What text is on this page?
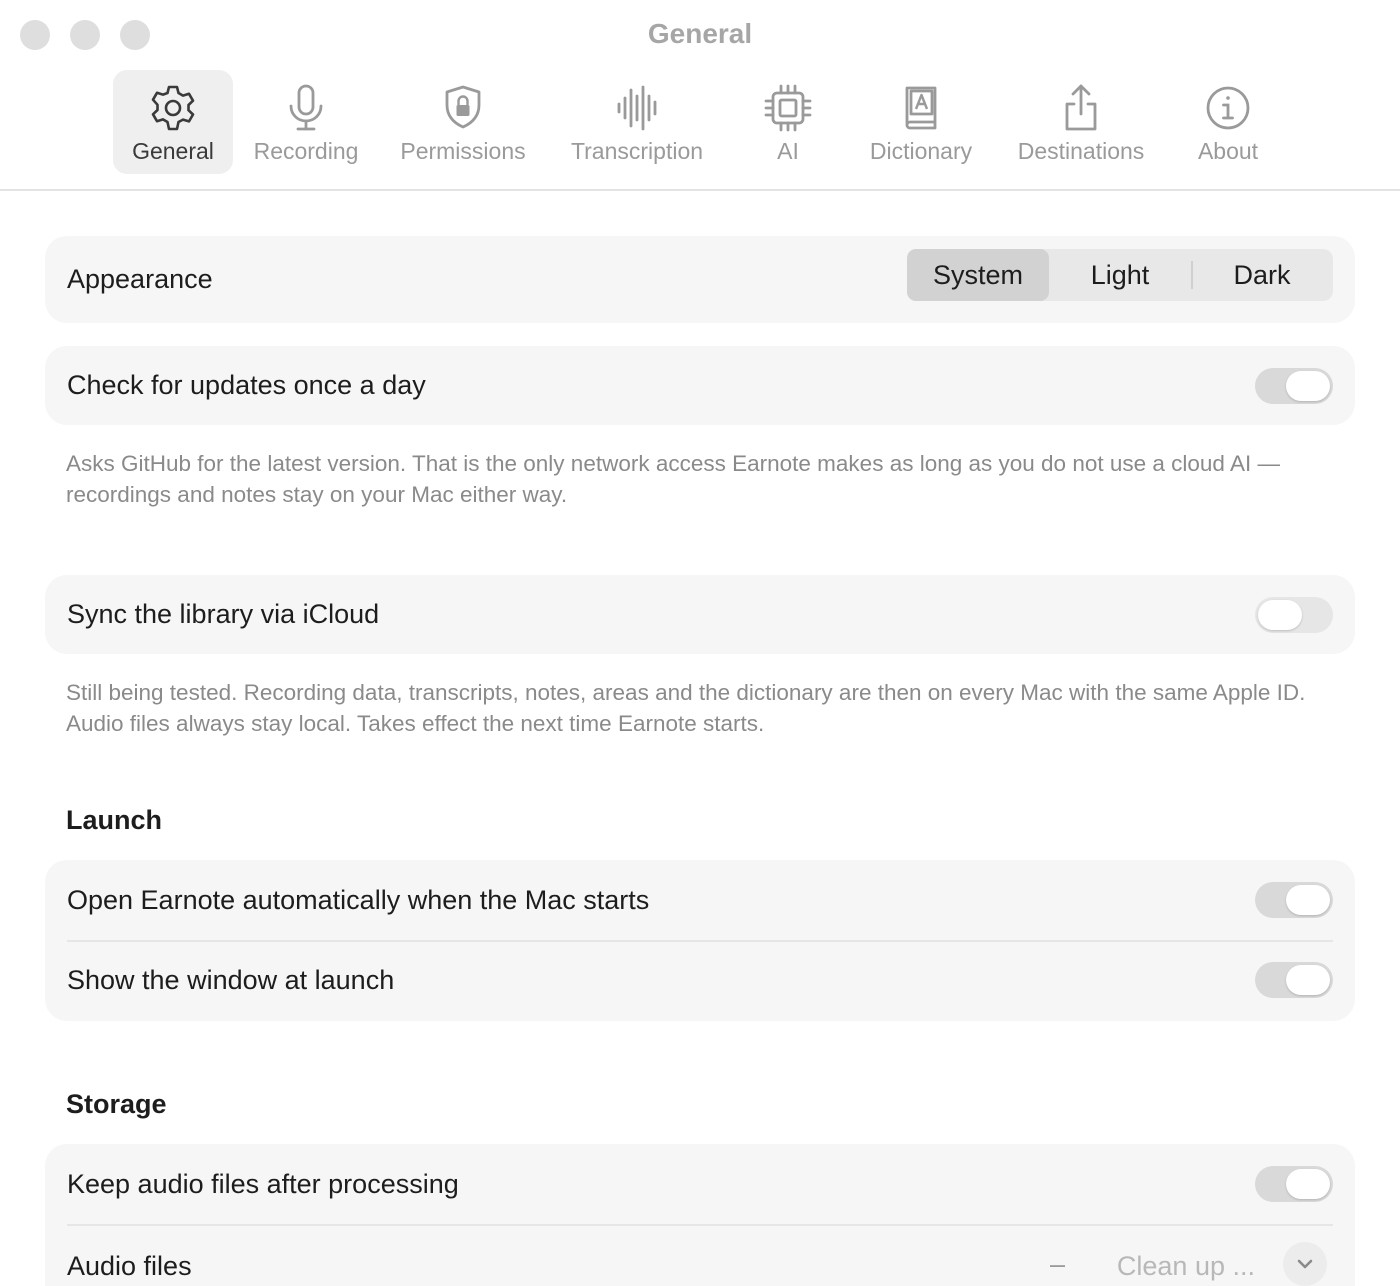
General
General Recording Permissions Transcription	AI	Dictionary Destinations About
Appearance	System	Light	Dark
Check for updates once a day
Asks GitHub for the latest version. That is the only network access Earnote makes as long as you do not use a cloud AI — recordings and notes stay on your Mac either way.
Sync the library via iCloud
Still being tested. Recording data, transcripts, notes, areas and the dictionary are then on every Mac with the same Apple ID. Audio files always stay local. Takes effect the next time Earnote starts.
Launch
Open Earnote automatically when the Mac starts
Show the window at launch
Storage
Keep audio files after processing
Audio files	– Clean up ...
